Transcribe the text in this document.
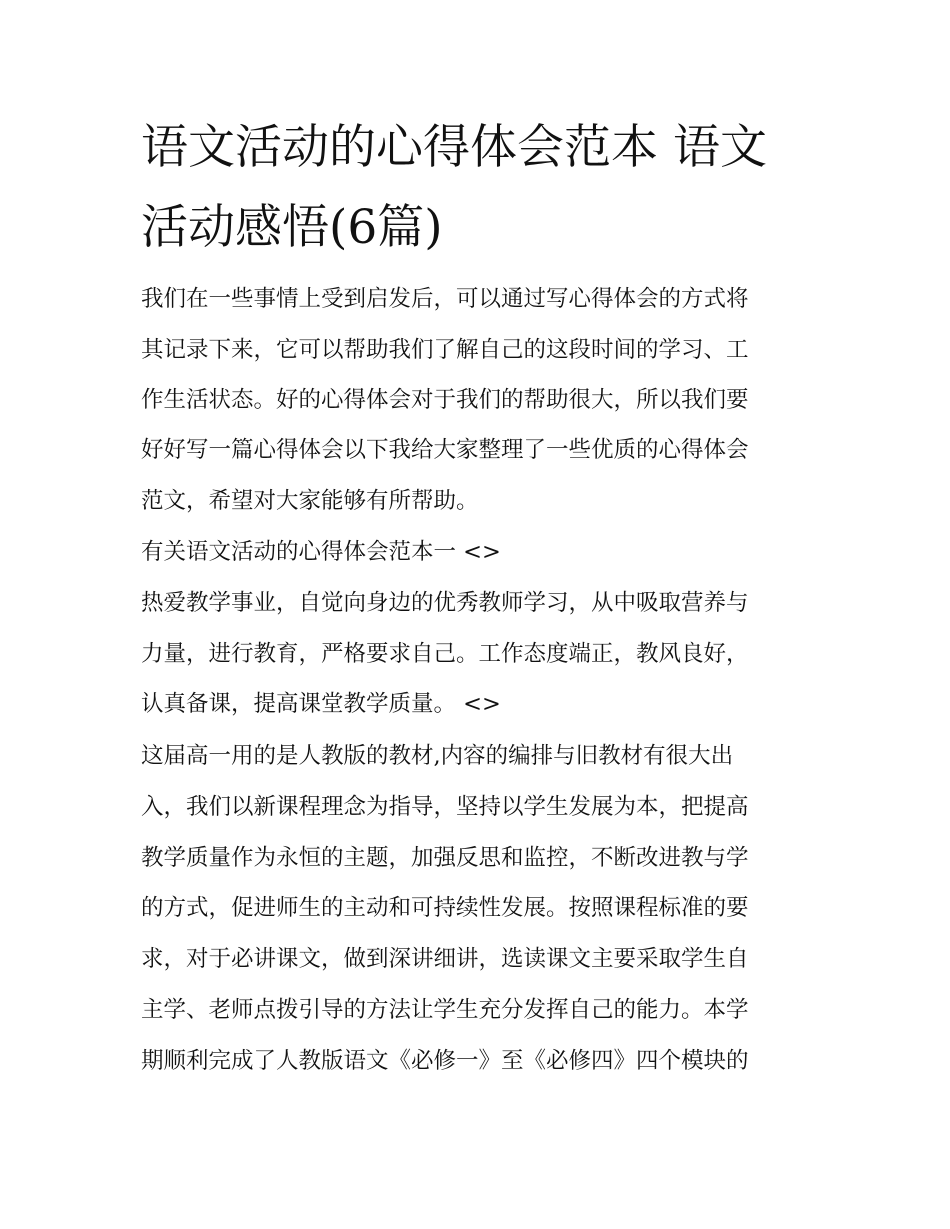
语文活动的心得体会范本 语文
活动感悟(6篇)
我们在一些事情上受到启发后，可以通过写心得体会的方式将
其记录下来，它可以帮助我们了解自己的这段时间的学习、工
作生活状态。好的心得体会对于我们的帮助很大，所以我们要
好好写一篇心得体会以下我给大家整理了一些优质的心得体会
范文，希望对大家能够有所帮助。
有关语文活动的心得体会范本一 <>
热爱教学事业，自觉向身边的优秀教师学习，从中吸取营养与
力量，进行教育，严格要求自己。工作态度端正，教风良好，
认真备课，提高课堂教学质量。 <>
这届高一用的是人教版的教材,内容的编排与旧教材有很大出
入，我们以新课程理念为指导，坚持以学生发展为本，把提高
教学质量作为永恒的主题，加强反思和监控，不断改进教与学
的方式，促进师生的主动和可持续性发展。按照课程标准的要
求，对于必讲课文，做到深讲细讲，选读课文主要采取学生自
主学、老师点拨引导的方法让学生充分发挥自己的能力。本学
期顺利完成了人教版语文《必修一》至《必修四》四个模块的
